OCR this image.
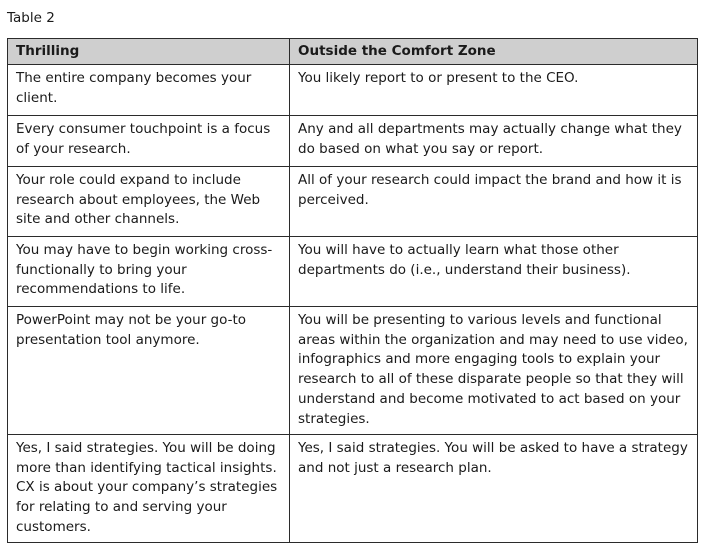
Table 2

Thrilling	Outside the Comfort Zone
The entire company becomes your client.	You likely report to or present to the CEO.
Every consumer touchpoint is a focus of your research.	Any and all departments may actually change what they do based on what you say or report.
Your role could expand to include research about employees, the Web site and other channels.	All of your research could impact the brand and how it is perceived.
You may have to begin working cross-functionally to bring your recommendations to life.	You will have to actually learn what those other departments do (i.e., understand their business).
PowerPoint may not be your go-to presentation tool anymore.	You will be presenting to various levels and functional areas within the organization and may need to use video, infographics and more engaging tools to explain your research to all of these disparate people so that they will understand and become motivated to act based on your strategies.
Yes, I said strategies. You will be doing more than identifying tactical insights. CX is about your company’s strategies for relating to and serving your customers.	Yes, I said strategies. You will be asked to have a strategy and not just a research plan.
